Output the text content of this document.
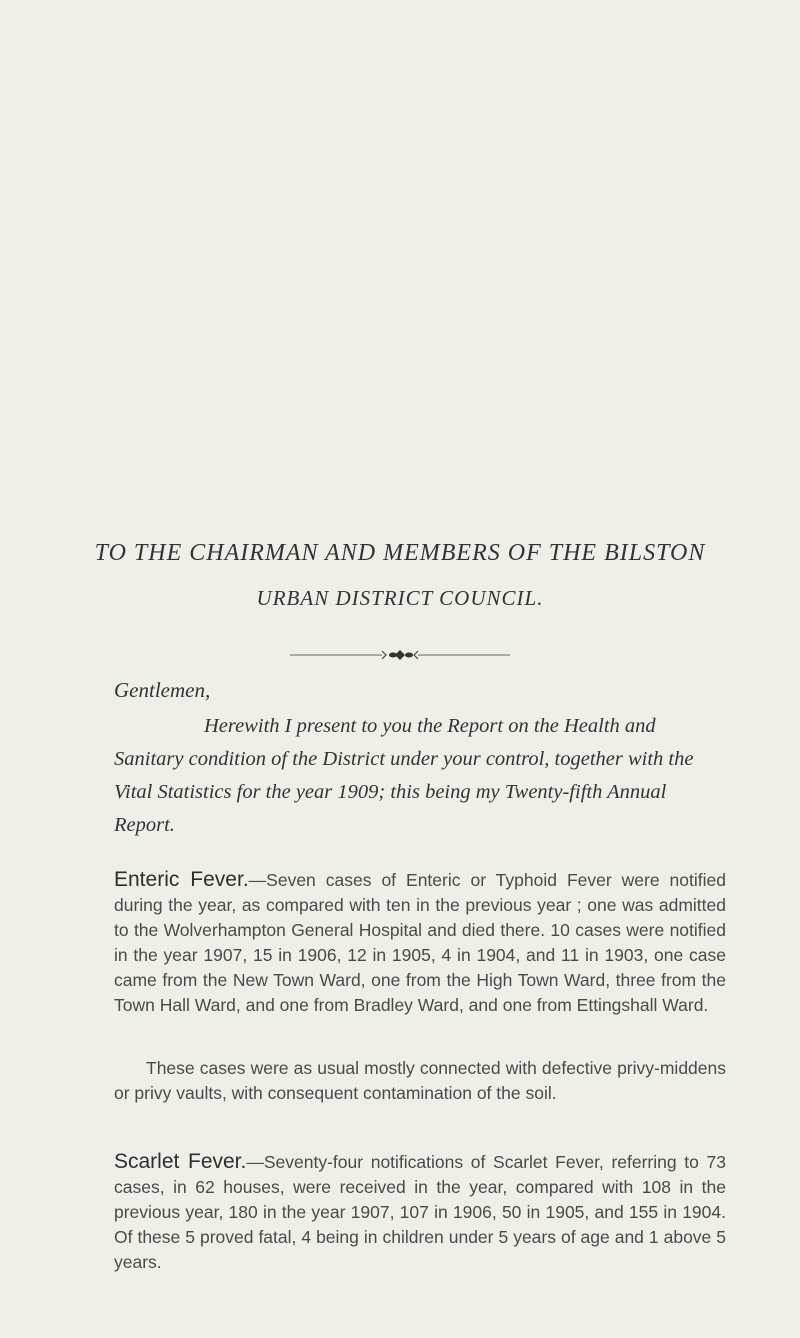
TO THE CHAIRMAN AND MEMBERS OF THE BILSTON
URBAN DISTRICT COUNCIL.
Gentlemen,
Herewith I present to you the Report on the Health and Sanitary condition of the District under your control, together with the Vital Statistics for the year 1909; this being my Twenty-fifth Annual Report.
Enteric Fever.—Seven cases of Enteric or Typhoid Fever were notified during the year, as compared with ten in the previous year ; one was admitted to the Wolverhampton General Hospital and died there. 10 cases were notified in the year 1907, 15 in 1906, 12 in 1905, 4 in 1904, and 11 in 1903, one case came from the New Town Ward, one from the High Town Ward, three from the Town Hall Ward, and one from Bradley Ward, and one from Ettingshall Ward.
These cases were as usual mostly connected with defective privy-middens or privy vaults, with consequent contamination of the soil.
Scarlet Fever.—Seventy-four notifications of Scarlet Fever, referring to 73 cases, in 62 houses, were received in the year, compared with 108 in the previous year, 180 in the year 1907, 107 in 1906, 50 in 1905, and 155 in 1904. Of these 5 proved fatal, 4 being in children under 5 years of age and 1 above 5 years.
